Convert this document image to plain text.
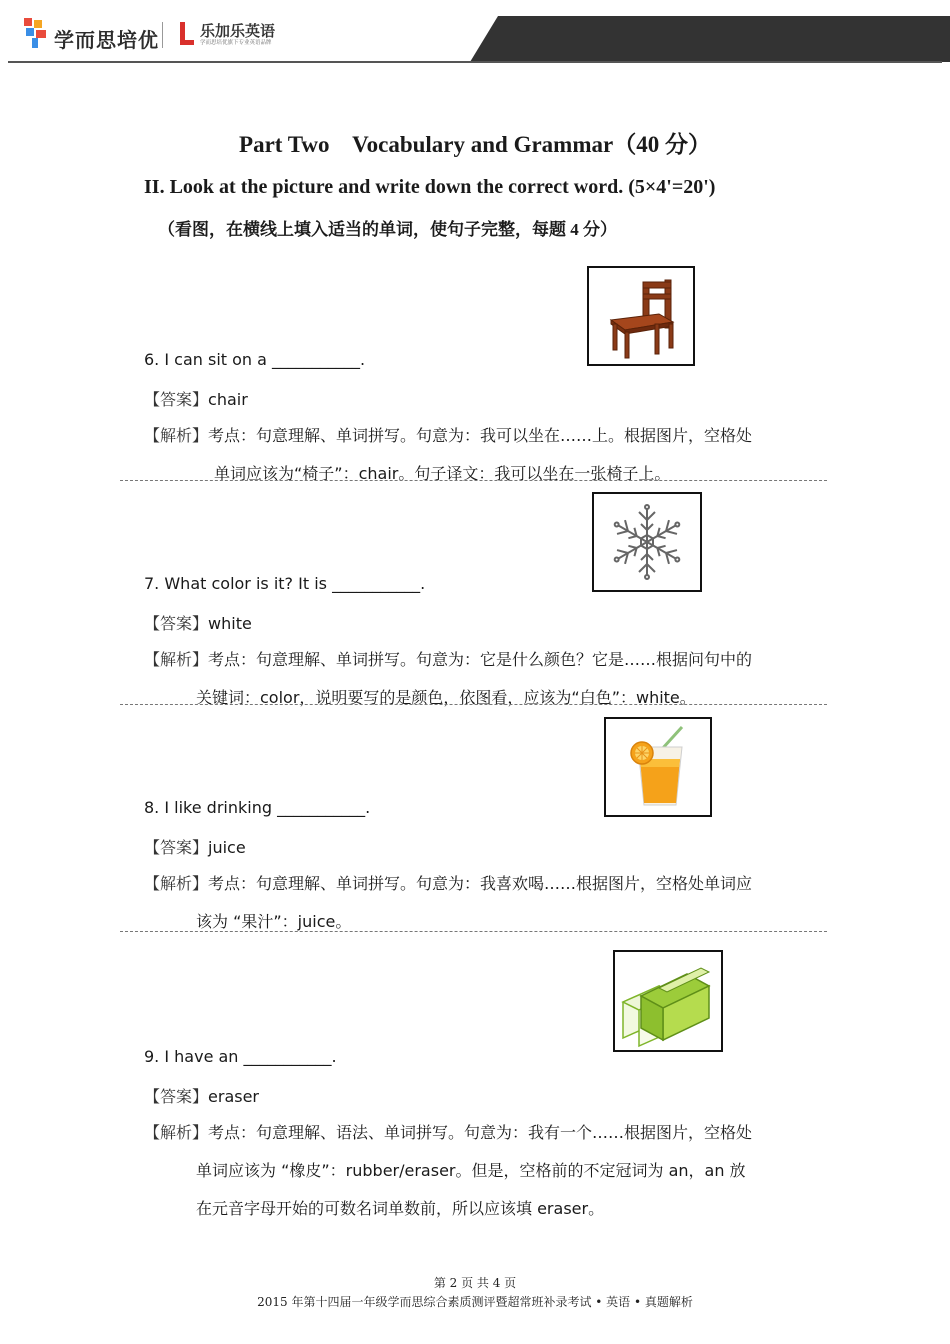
学而思培优	乐加乐英语
学而思培优旗下专业英语品牌
Part Two    Vocabulary and Grammar（40 分）
II. Look at the picture and write down the correct word. (5×4'=20')
（看图，在横线上填入适当的单词，使句子完整，每题 4 分）
6. I can sit on a ___________.
【答案】chair
【解析】考点：句意理解、单词拼写。句意为：我可以坐在……上。根据图片，空格处
单词应该为“椅子”：chair。句子译文：我可以坐在一张椅子上。
7. What color is it? It is ___________.
【答案】white
【解析】考点：句意理解、单词拼写。句意为：它是什么颜色？它是……根据问句中的
关键词：color，说明要写的是颜色，依图看，应该为“白色”：white。
8. I like drinking ___________.
【答案】juice
【解析】考点：句意理解、单词拼写。句意为：我喜欢喝……根据图片，空格处单词应
该为 “果汁”：juice。
9. I have an ___________.
【答案】eraser
【解析】考点：句意理解、语法、单词拼写。句意为：我有一个……根据图片，空格处
单词应该为 “橡皮”：rubber/eraser。但是，空格前的不定冠词为 an，an 放
在元音字母开始的可数名词单数前，所以应该填 eraser。
第 2 页 共 4 页
2015 年第十四届一年级学而思综合素质测评暨超常班补录考试 • 英语 • 真题解析
